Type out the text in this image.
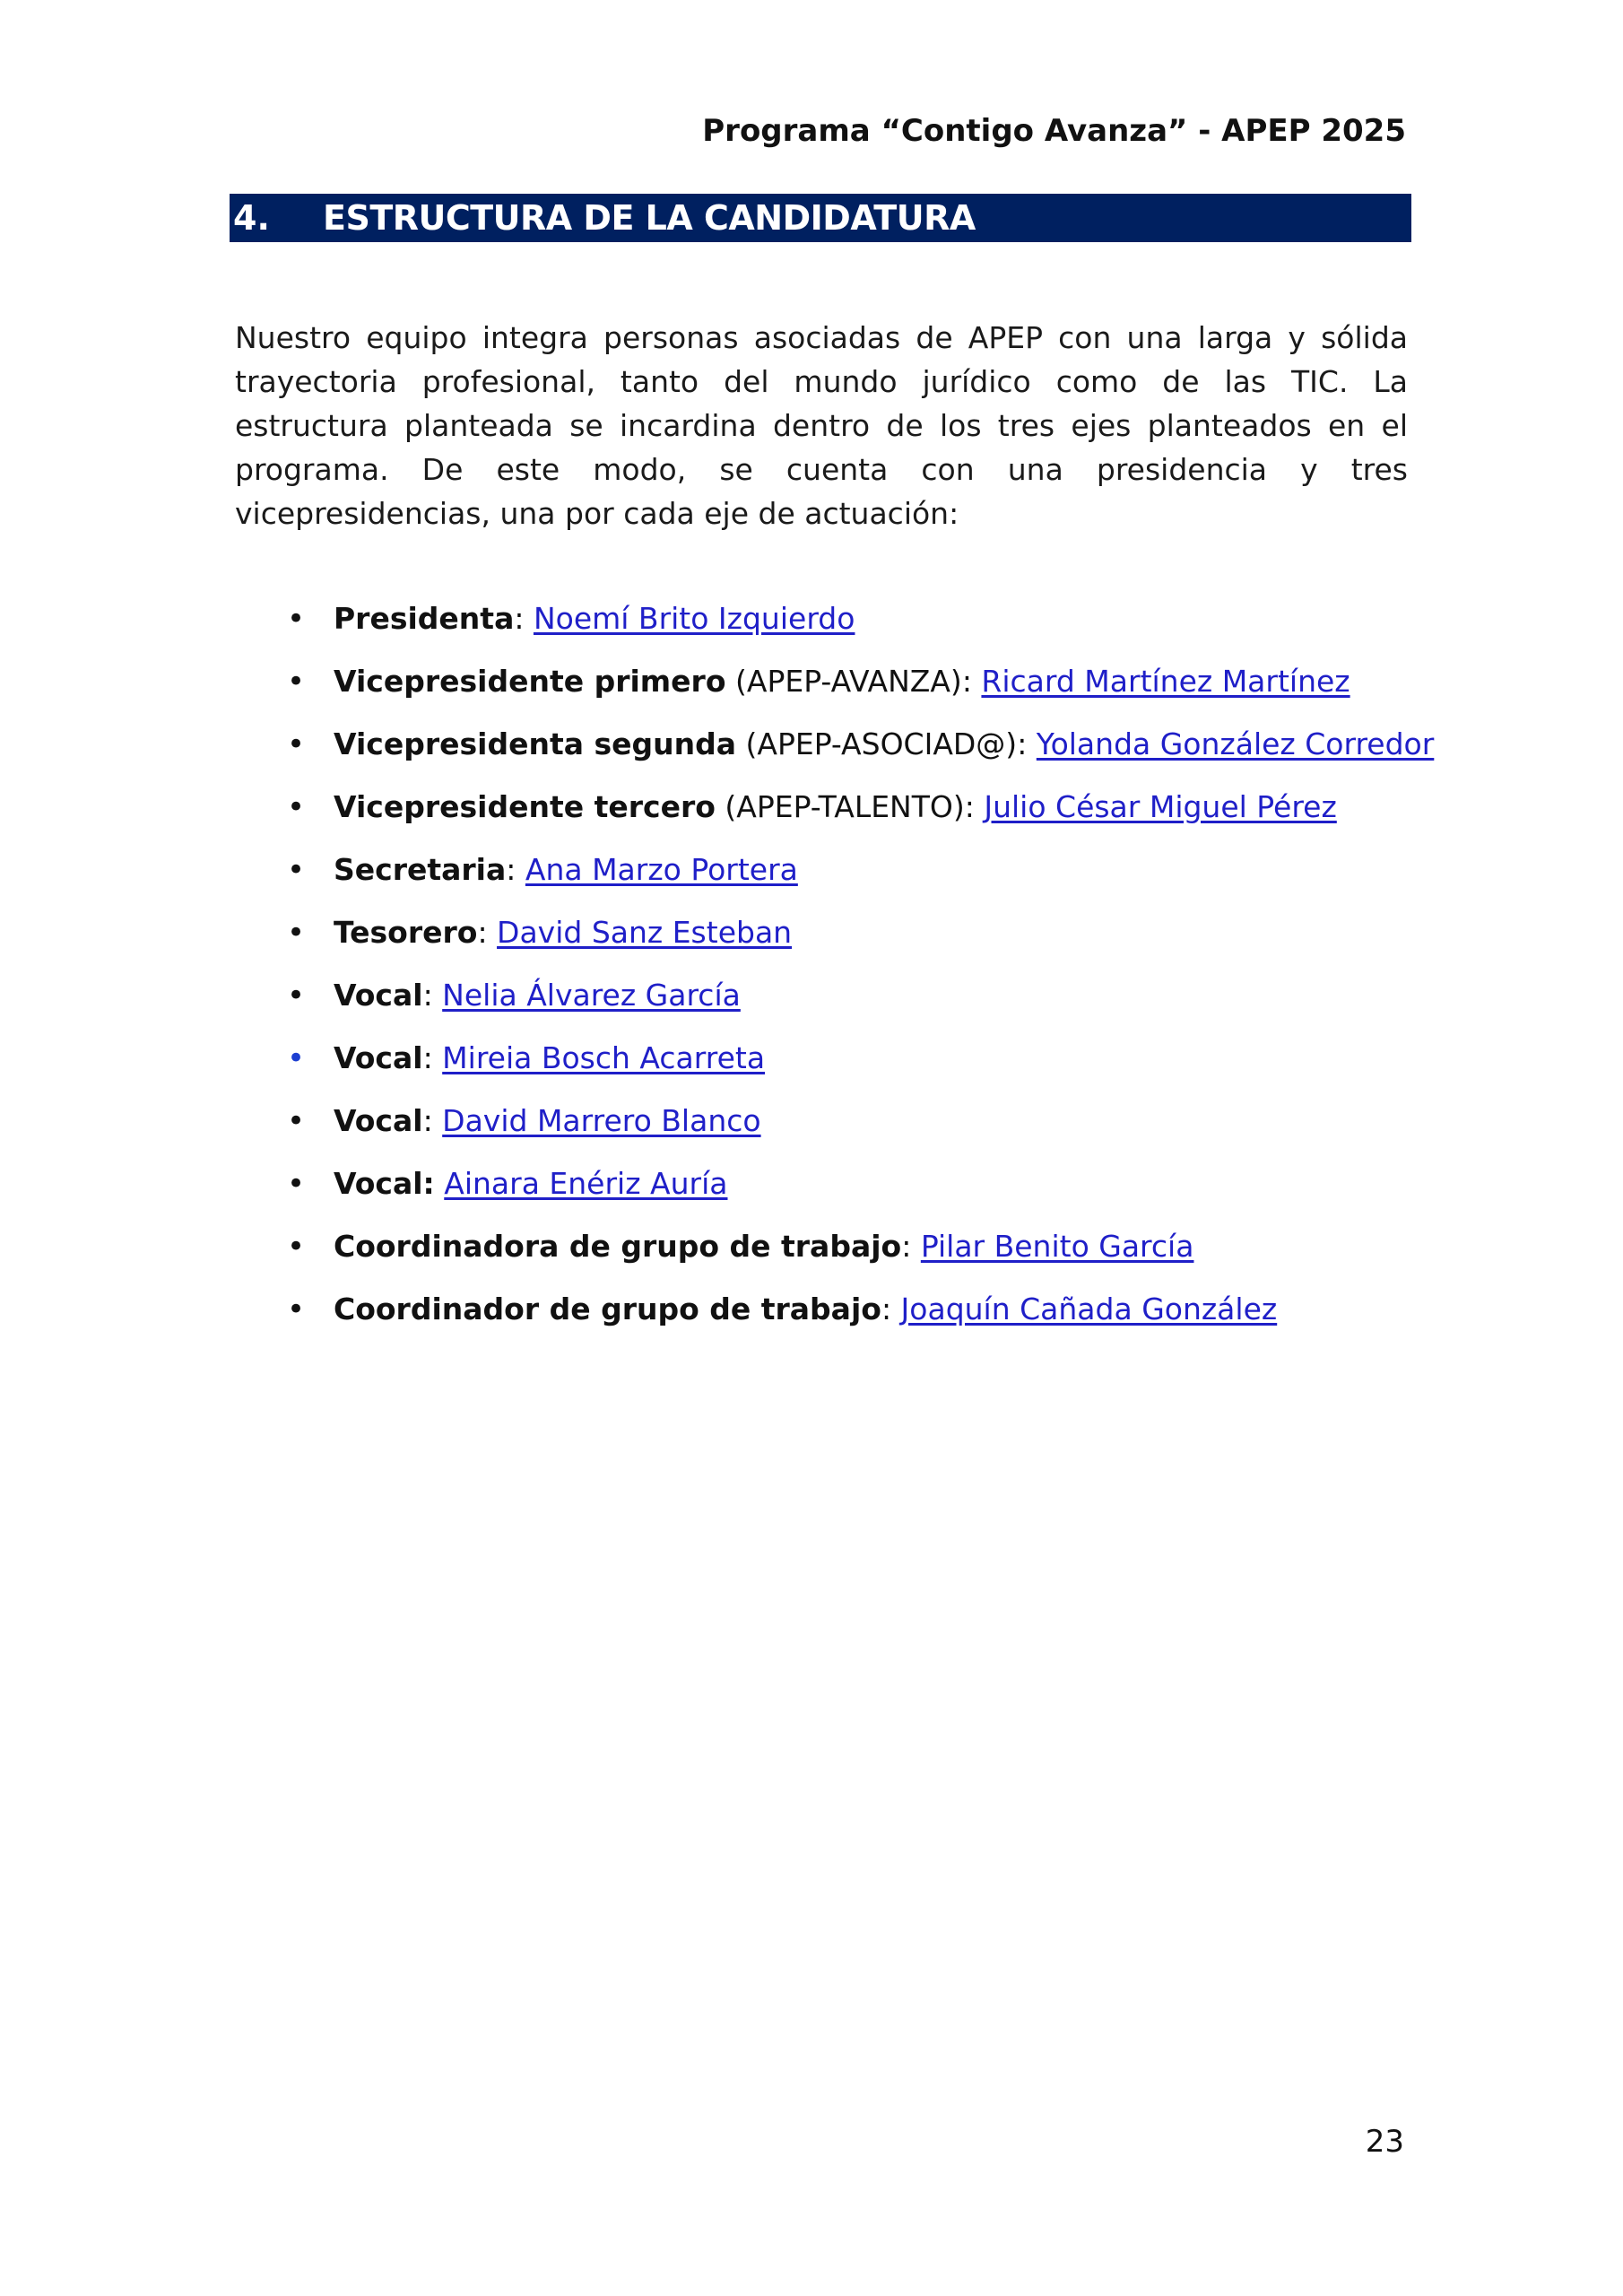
Programa “Contigo Avanza” - APEP 2025
4. ESTRUCTURA DE LA CANDIDATURA

Nuestro equipo integra personas asociadas de APEP con una larga y sólida trayectoria profesional, tanto del mundo jurídico como de las TIC. La estructura planteada se incardina dentro de los tres ejes planteados en el programa. De este modo, se cuenta con una presidencia y tres vicepresidencias, una por cada eje de actuación:

• Presidenta: Noemí Brito Izquierdo
• Vicepresidente primero (APEP-AVANZA): Ricard Martínez Martínez
• Vicepresidenta segunda (APEP-ASOCIAD@): Yolanda González Corredor
• Vicepresidente tercero (APEP-TALENTO): Julio César Miguel Pérez
• Secretaria: Ana Marzo Portera
• Tesorero: David Sanz Esteban
• Vocal: Nelia Álvarez García
• Vocal: Mireia Bosch Acarreta
• Vocal: David Marrero Blanco
• Vocal: Ainara Enériz Auría
• Coordinadora de grupo de trabajo: Pilar Benito García
• Coordinador de grupo de trabajo: Joaquín Cañada González
23
